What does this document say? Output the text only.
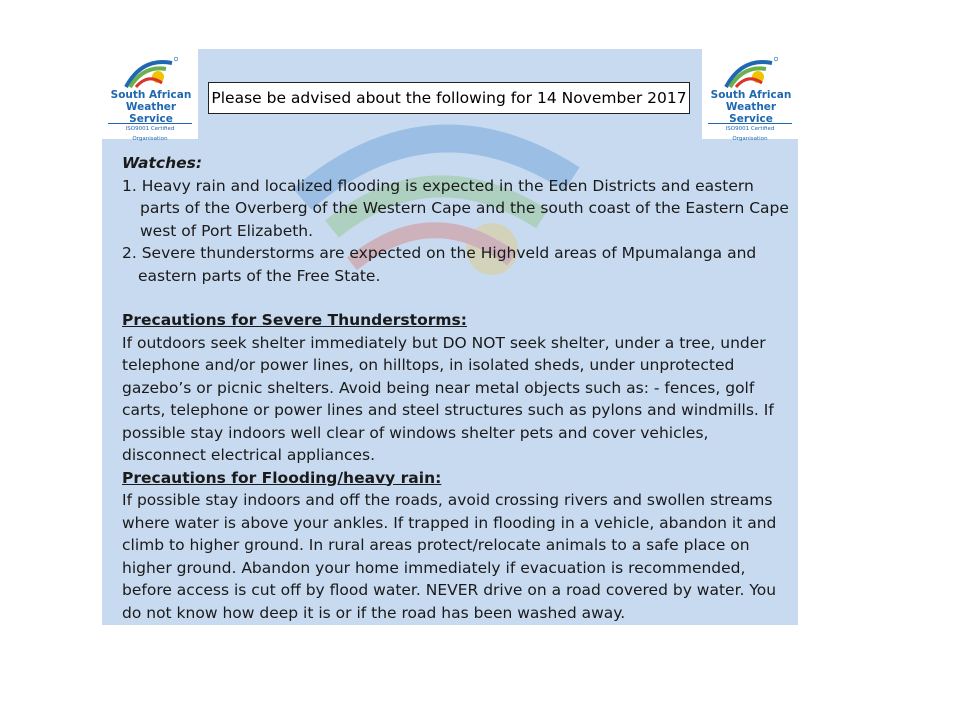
South African
Weather Service
ISO9001 Certified Organisation
South African
Weather Service
ISO9001 Certified Organisation
Please be advised about the following for 14 November 2017

Watches:

1. Heavy rain and localized flooding is expected in the Eden Districts and eastern parts of the Overberg of the Western Cape and the south coast of the Eastern Cape west of Port Elizabeth.

2. Severe thunderstorms are expected on the Highveld areas of Mpumalanga and eastern parts of the Free State.

Precautions for Severe Thunderstorms:

If outdoors seek shelter immediately but DO NOT seek shelter, under a tree, under telephone and/or power lines, on hilltops, in isolated sheds, under unprotected gazebo’s or picnic shelters. Avoid being near metal objects such as: - fences, golf carts, telephone or power lines and steel structures such as pylons and windmills. If possible stay indoors well clear of windows shelter pets and cover vehicles, disconnect electrical appliances.

Precautions for Flooding/heavy rain:

If possible stay indoors and off the roads, avoid crossing rivers and swollen streams where water is above your ankles. If trapped in flooding in a vehicle, abandon it and climb to higher ground. In rural areas protect/relocate animals to a safe place on higher ground. Abandon your home immediately if evacuation is recommended, before access is cut off by flood water. NEVER drive on a road covered by water. You do not know how deep it is or if the road has been washed away.
